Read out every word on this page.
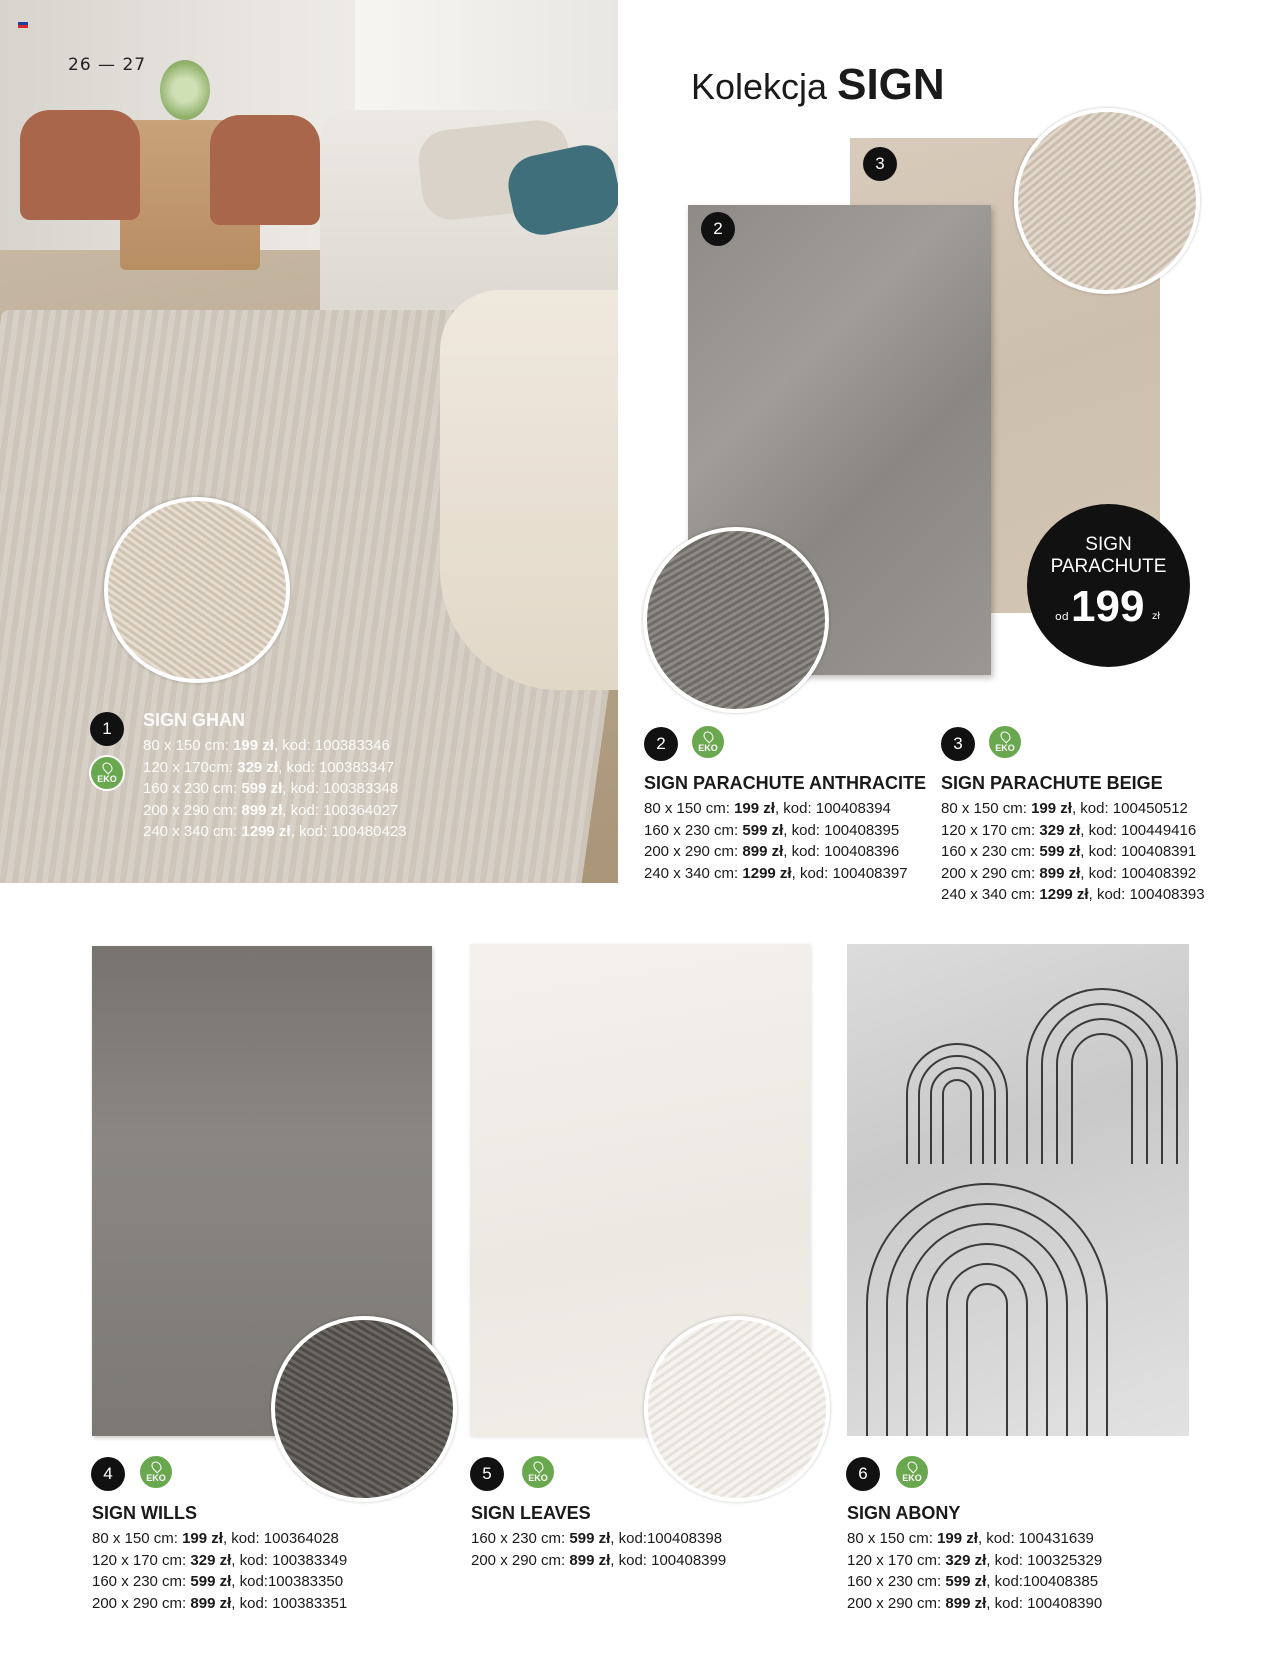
26 — 27
1
EKO
SIGN GHAN
80 x 150 cm: 199 zł, kod: 100383346
120 x 170cm: 329 zł, kod: 100383347
160 x 230 cm: 599 zł, kod: 100383348
200 x 290 cm: 899 zł, kod: 100364027
240 x 340 cm: 1299 zł, kod: 100480423
Kolekcja SIGN
3
2
SIGN
PARACHUTE
od 199 zł
2	EKO
SIGN PARACHUTE ANTHRACITE
80 x 150 cm: 199 zł, kod: 100408394
160 x 230 cm: 599 zł, kod: 100408395
200 x 290 cm: 899 zł, kod: 100408396
240 x 340 cm: 1299 zł, kod: 100408397
3	EKO
SIGN PARACHUTE BEIGE
80 x 150 cm: 199 zł, kod: 100450512
120 x 170 cm: 329 zł, kod: 100449416
160 x 230 cm: 599 zł, kod: 100408391
200 x 290 cm: 899 zł, kod: 100408392
240 x 340 cm: 1299 zł, kod: 100408393
4	EKO
SIGN WILLS
80 x 150 cm: 199 zł, kod: 100364028
120 x 170 cm: 329 zł, kod: 100383349
160 x 230 cm: 599 zł, kod:100383350
200 x 290 cm: 899 zł, kod: 100383351
5	EKO
SIGN LEAVES
160 x 230 cm: 599 zł, kod:100408398
200 x 290 cm: 899 zł, kod: 100408399
6	EKO
SIGN ABONY
80 x 150 cm: 199 zł, kod: 100431639
120 x 170 cm: 329 zł, kod: 100325329
160 x 230 cm: 599 zł, kod:100408385
200 x 290 cm: 899 zł, kod: 100408390
